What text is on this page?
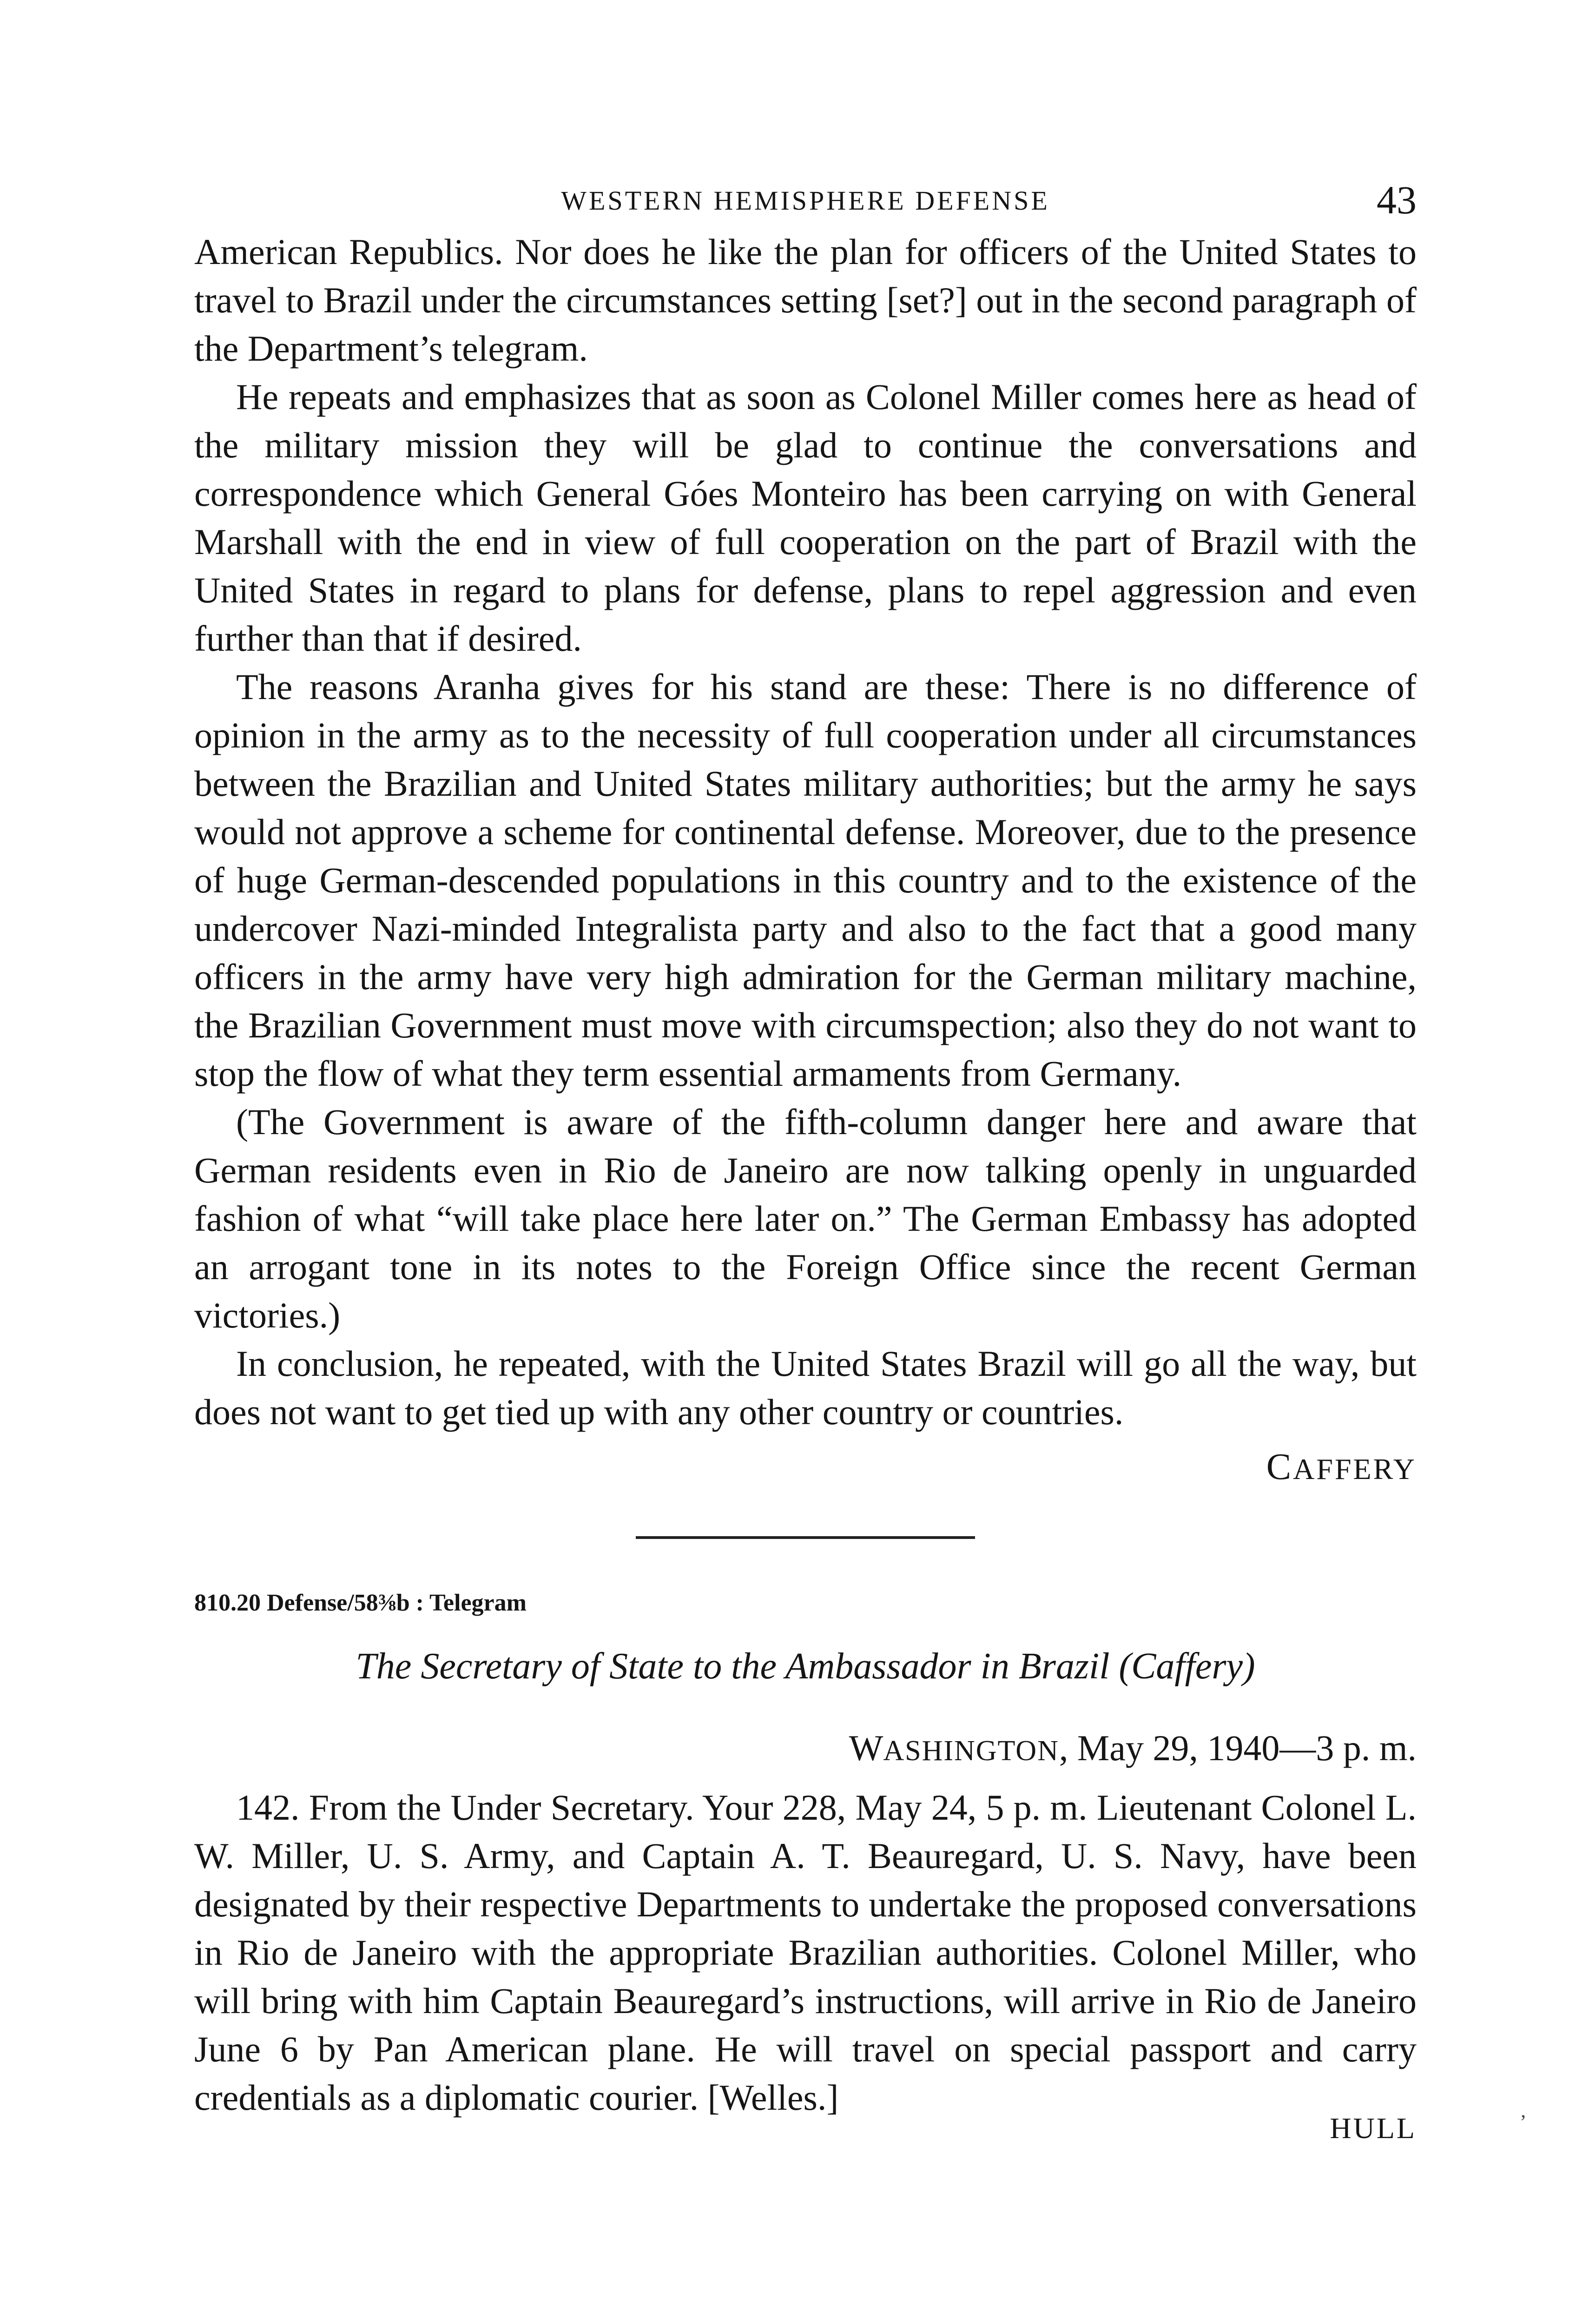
WESTERN HEMISPHERE DEFENSE	43

American Republics. Nor does he like the plan for officers of the United States to travel to Brazil under the circumstances setting [set?] out in the second paragraph of the Department’s telegram.

He repeats and emphasizes that as soon as Colonel Miller comes here as head of the military mission they will be glad to continue the conversations and correspondence which General Góes Monteiro has been carrying on with General Marshall with the end in view of full cooperation on the part of Brazil with the United States in regard to plans for defense, plans to repel aggression and even further than that if desired.

The reasons Aranha gives for his stand are these: There is no difference of opinion in the army as to the necessity of full cooperation under all circumstances between the Brazilian and United States military authorities; but the army he says would not approve a scheme for continental defense. Moreover, due to the presence of huge German-descended populations in this country and to the existence of the undercover Nazi-minded Integralista party and also to the fact that a good many officers in the army have very high admiration for the German military machine, the Brazilian Government must move with circumspection; also they do not want to stop the flow of what they term essential armaments from Germany.

(The Government is aware of the fifth-column danger here and aware that German residents even in Rio de Janeiro are now talking openly in unguarded fashion of what “will take place here later on.” The German Embassy has adopted an arrogant tone in its notes to the Foreign Office since the recent German victories.)

In conclusion, he repeated, with the United States Brazil will go all the way, but does not want to get tied up with any other country or countries.

CAFFERY
810.20 Defense/58⅜b : Telegram
The Secretary of State to the Ambassador in Brazil (Caffery)
WASHINGTON, May 29, 1940—3 p. m.

142. From the Under Secretary. Your 228, May 24, 5 p. m. Lieutenant Colonel L. W. Miller, U. S. Army, and Captain A. T. Beauregard, U. S. Navy, have been designated by their respective Departments to undertake the proposed conversations in Rio de Janeiro with the appropriate Brazilian authorities. Colonel Miller, who will bring with him Captain Beauregard’s instructions, will arrive in Rio de Janeiro June 6 by Pan American plane. He will travel on special passport and carry credentials as a diplomatic courier. [Welles.]

HULL
‚
